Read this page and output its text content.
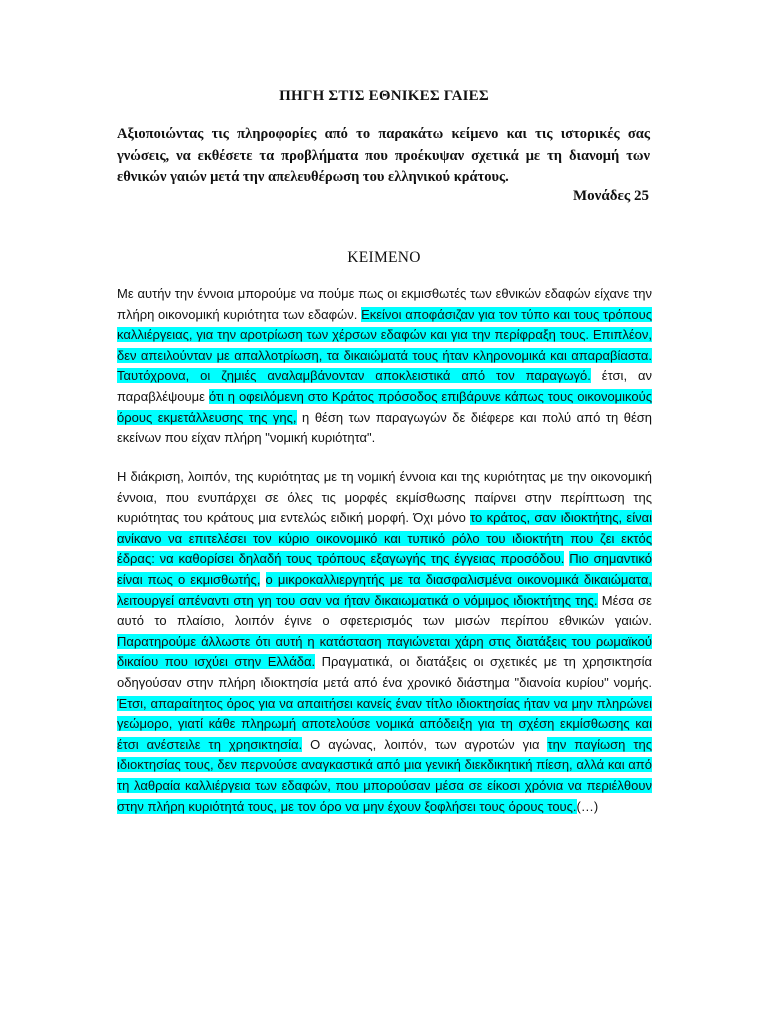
ΠΗΓΗ ΣΤΙΣ ΕΘΝΙΚΕΣ ΓΑΙΕΣ
Αξιοποιώντας τις πληροφορίες από το παρακάτω κείμενο και τις ιστορικές σας γνώσεις, να εκθέσετε τα προβλήματα που προέκυψαν σχετικά με τη διανομή των εθνικών γαιών μετά την απελευθέρωση του ελληνικού κράτους.
Μονάδες 25
ΚΕΙΜΕΝΟ
Με αυτήν την έννοια μπορούμε να πούμε πως οι εκμισθωτές των εθνικών εδαφών είχανε την πλήρη οικονομική κυριότητα των εδαφών. Εκείνοι αποφάσιζαν για τον τύπο και τους τρόπους καλλιέργειας, για την αροτρίωση των χέρσων εδαφών και για την περίφραξη τους. Επιπλέον, δεν απειλούνταν με απαλλοτρίωση, τα δικαιώματά τους ήταν κληρονομικά και απαραβίαστα. Ταυτόχρονα, οι ζημιές αναλαμβάνονταν αποκλειστικά από τον παραγωγό. έτσι, αν παραβλέψουμε ότι η οφειλόμενη στο Κράτος πρόσοδος επιβάρυνε κάπως τους οικονομικούς όρους εκμετάλλευσης της γης, η θέση των παραγωγών δε διέφερε και πολύ από τη θέση εκείνων που είχαν πλήρη "νομική κυριότητα".
Η διάκριση, λοιπόν, της κυριότητας με τη νομική έννοια και της κυριότητας με την οικονομική έννοια, που ενυπάρχει σε όλες τις μορφές εκμίσθωσης παίρνει στην περίπτωση της κυριότητας του κράτους μια εντελώς ειδική μορφή. Όχι μόνο το κράτος, σαν ιδιοκτήτης, είναι ανίκανο να επιτελέσει τον κύριο οικονομικό και τυπικό ρόλο του ιδιοκτήτη που ζει εκτός έδρας: να καθορίσει δηλαδή τους τρόπους εξαγωγής της έγγειας προσόδου. Πιο σημαντικό είναι πως ο εκμισθωτής, ο μικροκαλλιεργητής με τα διασφαλισμένα οικονομικά δικαιώματα, λειτουργεί απέναντι στη γη του σαν να ήταν δικαιωματικά ο νόμιμος ιδιοκτήτης της. Μέσα σε αυτό το πλαίσιο, λοιπόν έγινε ο σφετερισμός των μισών περίπου εθνικών γαιών. Παρατηρούμε άλλωστε ότι αυτή η κατάσταση παγιώνεται χάρη στις διατάξεις του ρωμαϊκού δικαίου που ισχύει στην Ελλάδα. Πραγματικά, οι διατάξεις οι σχετικές με τη χρησικτησία οδηγούσαν στην πλήρη ιδιοκτησία μετά από ένα χρονικό διάστημα "διανοία κυρίου" νομής. Έτσι, απαραίτητος όρος για να απαιτήσει κανείς έναν τίτλο ιδιοκτησίας ήταν να μην πληρώνει γεώμορο, γιατί κάθε πληρωμή αποτελούσε νομικά απόδειξη για τη σχέση εκμίσθωσης και έτσι ανέστειλε τη χρησικτησία. Ο αγώνας, λοιπόν, των αγροτών για την παγίωση της ιδιοκτησίας τους, δεν περνούσε αναγκαστικά από μια γενική διεκδικητική πίεση, αλλά και από τη λαθραία καλλιέργεια των εδαφών, που μπορούσαν μέσα σε είκοσι χρόνια να περιέλθουν στην πλήρη κυριότητά τους, με τον όρο να μην έχουν ξοφλήσει τους όρους τους.(…)
